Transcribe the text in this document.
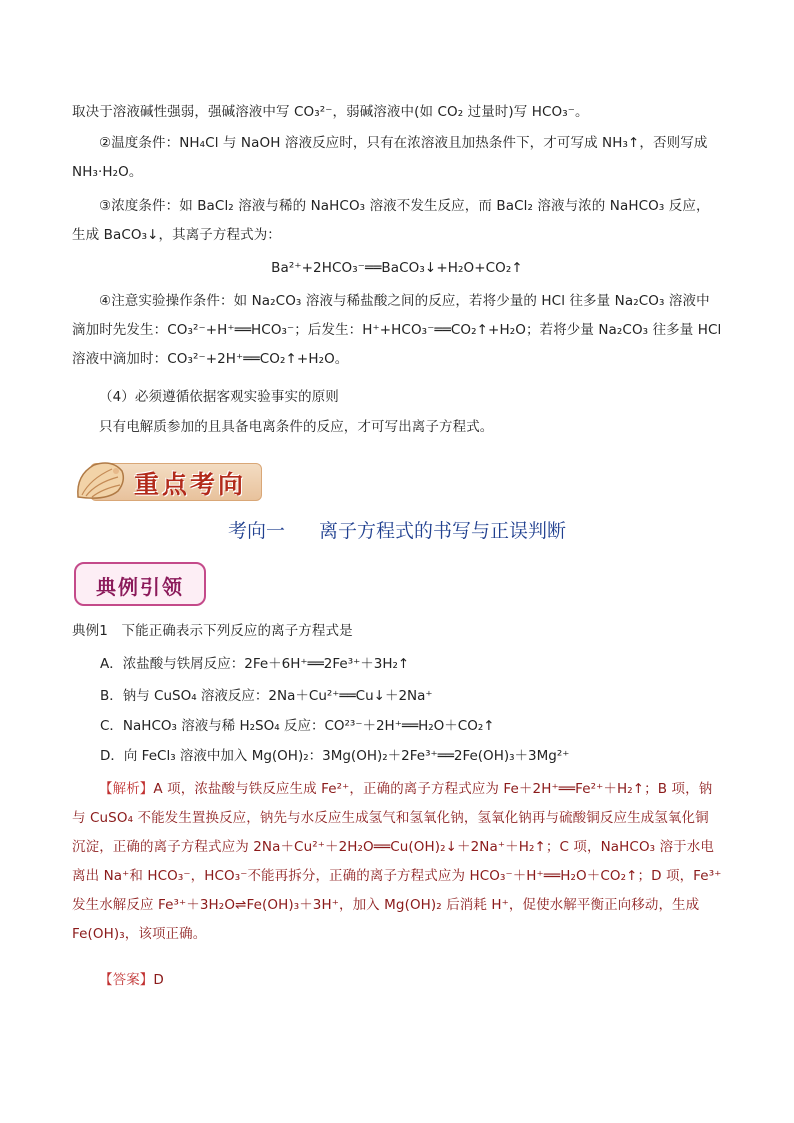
取决于溶液碱性强弱，强碱溶液中写 CO₃²⁻，弱碱溶液中(如 CO₂ 过量时)写 HCO₃⁻。

②温度条件：NH₄Cl 与 NaOH 溶液反应时，只有在浓溶液且加热条件下，才可写成 NH₃↑，否则写成 NH₃·H₂O。

③浓度条件：如 BaCl₂ 溶液与稀的 NaHCO₃ 溶液不发生反应，而 BaCl₂ 溶液与浓的 NaHCO₃ 反应，生成 BaCO₃↓，其离子方程式为：

Ba²⁺+2HCO₃⁻══BaCO₃↓+H₂O+CO₂↑

④注意实验操作条件：如 Na₂CO₃ 溶液与稀盐酸之间的反应，若将少量的 HCl 往多量 Na₂CO₃ 溶液中滴加时先发生：CO₃²⁻+H⁺══HCO₃⁻；后发生：H⁺+HCO₃⁻══CO₂↑+H₂O；若将少量 Na₂CO₃ 往多量 HCl 溶液中滴加时：CO₃²⁻+2H⁺══CO₂↑+H₂O。

（4）必须遵循依据客观实验事实的原则

只有电解质参加的且具备电离条件的反应，才可写出离子方程式。

重点考向
考向一 离子方程式的书写与正误判断
典例引领

典例1　下能正确表示下列反应的离子方程式是

A．浓盐酸与铁屑反应：2Fe＋6H⁺══2Fe³⁺＋3H₂↑
B．钠与 CuSO₄ 溶液反应：2Na＋Cu²⁺══Cu↓＋2Na⁺
C．NaHCO₃ 溶液与稀 H₂SO₄ 反应：CO²³⁻＋2H⁺══H₂O＋CO₂↑
D．向 FeCl₃ 溶液中加入 Mg(OH)₂：3Mg(OH)₂＋2Fe³⁺══2Fe(OH)₃＋3Mg²⁺

【解析】A 项，浓盐酸与铁反应生成 Fe²⁺，正确的离子方程式应为 Fe＋2H⁺══Fe²⁺＋H₂↑；B 项，钠与 CuSO₄ 不能发生置换反应，钠先与水反应生成氢气和氢氧化钠，氢氧化钠再与硫酸铜反应生成氢氧化铜沉淀，正确的离子方程式应为 2Na＋Cu²⁺＋2H₂O══Cu(OH)₂↓＋2Na⁺＋H₂↑；C 项，NaHCO₃ 溶于水电离出 Na⁺和 HCO₃⁻，HCO₃⁻不能再拆分，正确的离子方程式应为 HCO₃⁻＋H⁺══H₂O＋CO₂↑；D 项，Fe³⁺发生水解反应 Fe³⁺＋3H₂O⇌Fe(OH)₃＋3H⁺，加入 Mg(OH)₂ 后消耗 H⁺，促使水解平衡正向移动，生成 Fe(OH)₃，该项正确。

【答案】D
